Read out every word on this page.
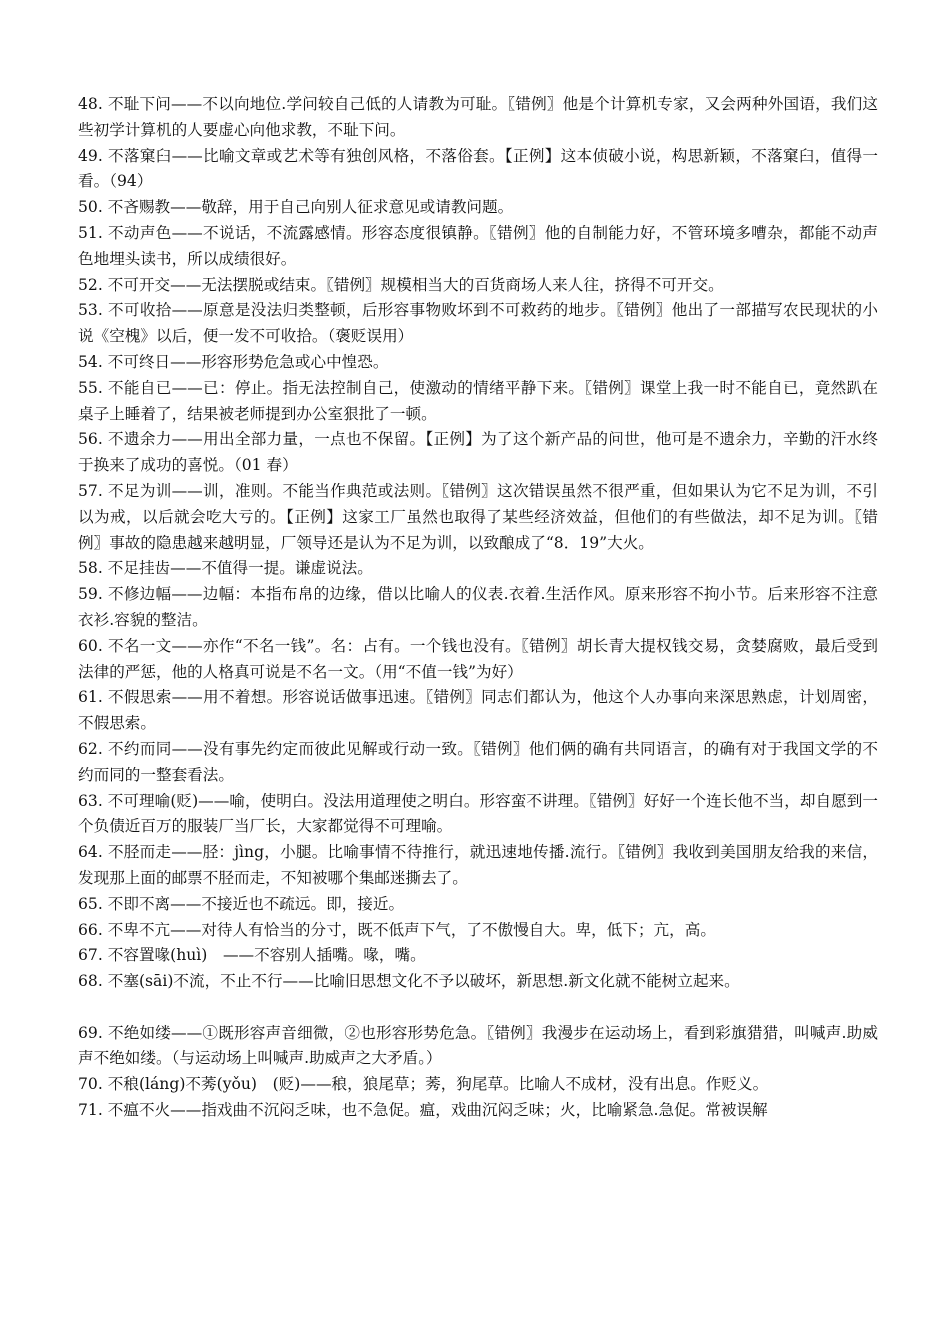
48. 不耻下问——不以向地位.学问较自己低的人请教为可耻。〖错例〗他是个计算机专家，又会两种外国语，我们这些初学计算机的人要虚心向他求教，不耻下问。

49. 不落窠臼——比喻文章或艺术等有独创风格，不落俗套。【正例】这本侦破小说，构思新颖，不落窠臼，值得一看。（94）

50. 不吝赐教——敬辞，用于自己向别人征求意见或请教问题。

51. 不动声色——不说话，不流露感情。形容态度很镇静。〖错例〗他的自制能力好，不管环境多嘈杂，都能不动声色地埋头读书，所以成绩很好。

52. 不可开交——无法摆脱或结束。〖错例〗规模相当大的百货商场人来人往，挤得不可开交。

53. 不可收拾——原意是没法归类整顿，后形容事物败坏到不可救药的地步。〖错例〗他出了一部描写农民现状的小说《空槐》以后，便一发不可收拾。（褒贬误用）

54. 不可终日——形容形势危急或心中惶恐。

55. 不能自已——已：停止。指无法控制自己，使激动的情绪平静下来。〖错例〗课堂上我一时不能自已，竟然趴在桌子上睡着了，结果被老师提到办公室狠批了一顿。

56. 不遗余力——用出全部力量，一点也不保留。【正例】为了这个新产品的问世，他可是不遗余力，辛勤的汗水终于换来了成功的喜悦。（01 春）

57. 不足为训——训，准则。不能当作典范或法则。〖错例〗这次错误虽然不很严重，但如果认为它不足为训，不引以为戒，以后就会吃大亏的。【正例】这家工厂虽然也取得了某些经济效益，但他们的有些做法，却不足为训。〖错例〗事故的隐患越来越明显，厂领导还是认为不足为训，以致酿成了“8．19”大火。

58. 不足挂齿——不值得一提。谦虚说法。

59. 不修边幅——边幅：本指布帛的边缘，借以比喻人的仪表.衣着.生活作风。原来形容不拘小节。后来形容不注意衣衫.容貌的整洁。

60. 不名一文——亦作“不名一钱”。名：占有。一个钱也没有。〖错例〗胡长青大提权钱交易，贪婪腐败，最后受到法律的严惩，他的人格真可说是不名一文。（用“不值一钱”为好）

61. 不假思索——用不着想。形容说话做事迅速。〖错例〗同志们都认为，他这个人办事向来深思熟虑，计划周密，不假思索。

62. 不约而同——没有事先约定而彼此见解或行动一致。〖错例〗他们俩的确有共同语言，的确有对于我国文学的不约而同的一整套看法。

63. 不可理喻(贬)——喻，使明白。没法用道理使之明白。形容蛮不讲理。〖错例〗好好一个连长他不当，却自愿到一个负债近百万的服装厂当厂长，大家都觉得不可理喻。

64. 不胫而走——胫：jìng，小腿。比喻事情不待推行，就迅速地传播.流行。〖错例〗我收到美国朋友给我的来信，发现那上面的邮票不胫而走，不知被哪个集邮迷撕去了。

65. 不即不离——不接近也不疏远。即，接近。

66. 不卑不亢——对待人有恰当的分寸，既不低声下气，了不傲慢自大。卑，低下；亢，高。

67. 不容置喙(huì)　——不容别人插嘴。喙，嘴。

68. 不塞(sāi)不流，不止不行——比喻旧思想文化不予以破坏，新思想.新文化就不能树立起来。

69. 不绝如缕——①既形容声音细微，②也形容形势危急。〖错例〗我漫步在运动场上，看到彩旗猎猎，叫喊声.助威声不绝如缕。（与运动场上叫喊声.助威声之大矛盾。）

70. 不稂(láng)不莠(yǒu)　(贬)——稂，狼尾草；莠，狗尾草。比喻人不成材，没有出息。作贬义。

71. 不瘟不火——指戏曲不沉闷乏味，也不急促。瘟，戏曲沉闷乏味；火，比喻紧急.急促。常被误解
